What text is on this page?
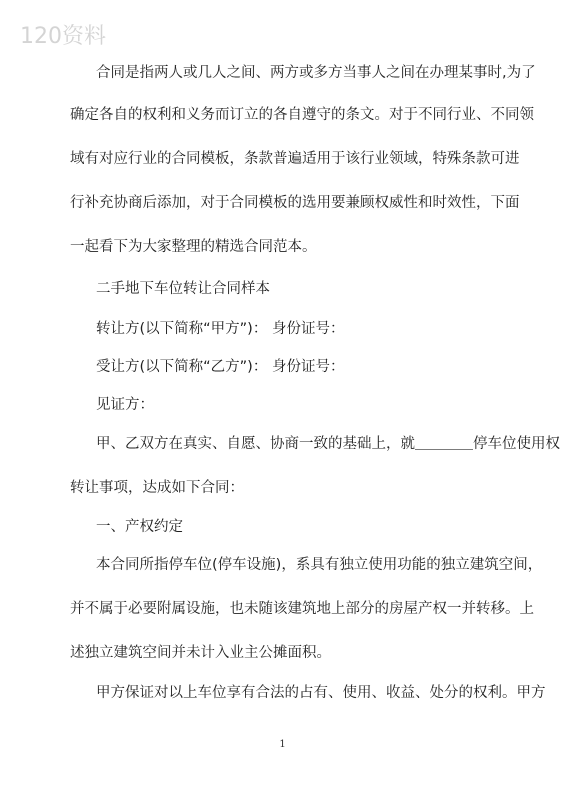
120资料
合同是指两人或几人之间、两方或多方当事人之间在办理某事时,为了
确定各自的权利和义务而订立的各自遵守的条文。对于不同行业、不同领
域有对应行业的合同模板，条款普遍适用于该行业领域，特殊条款可进
行补充协商后添加，对于合同模板的选用要兼顾权威性和时效性，下面
一起看下为大家整理的精选合同范本。
二手地下车位转让合同样本
转让方(以下简称“甲方”)： 身份证号：
受让方(以下简称“乙方”)： 身份证号：
见证方：
甲、乙双方在真实、自愿、协商一致的基础上，就＿＿＿＿停车位使用权
转让事项，达成如下合同：
一、产权约定
本合同所指停车位(停车设施)，系具有独立使用功能的独立建筑空间，
并不属于必要附属设施，也未随该建筑地上部分的房屋产权一并转移。上
述独立建筑空间并未计入业主公摊面积。
甲方保证对以上车位享有合法的占有、使用、收益、处分的权利。甲方
1
